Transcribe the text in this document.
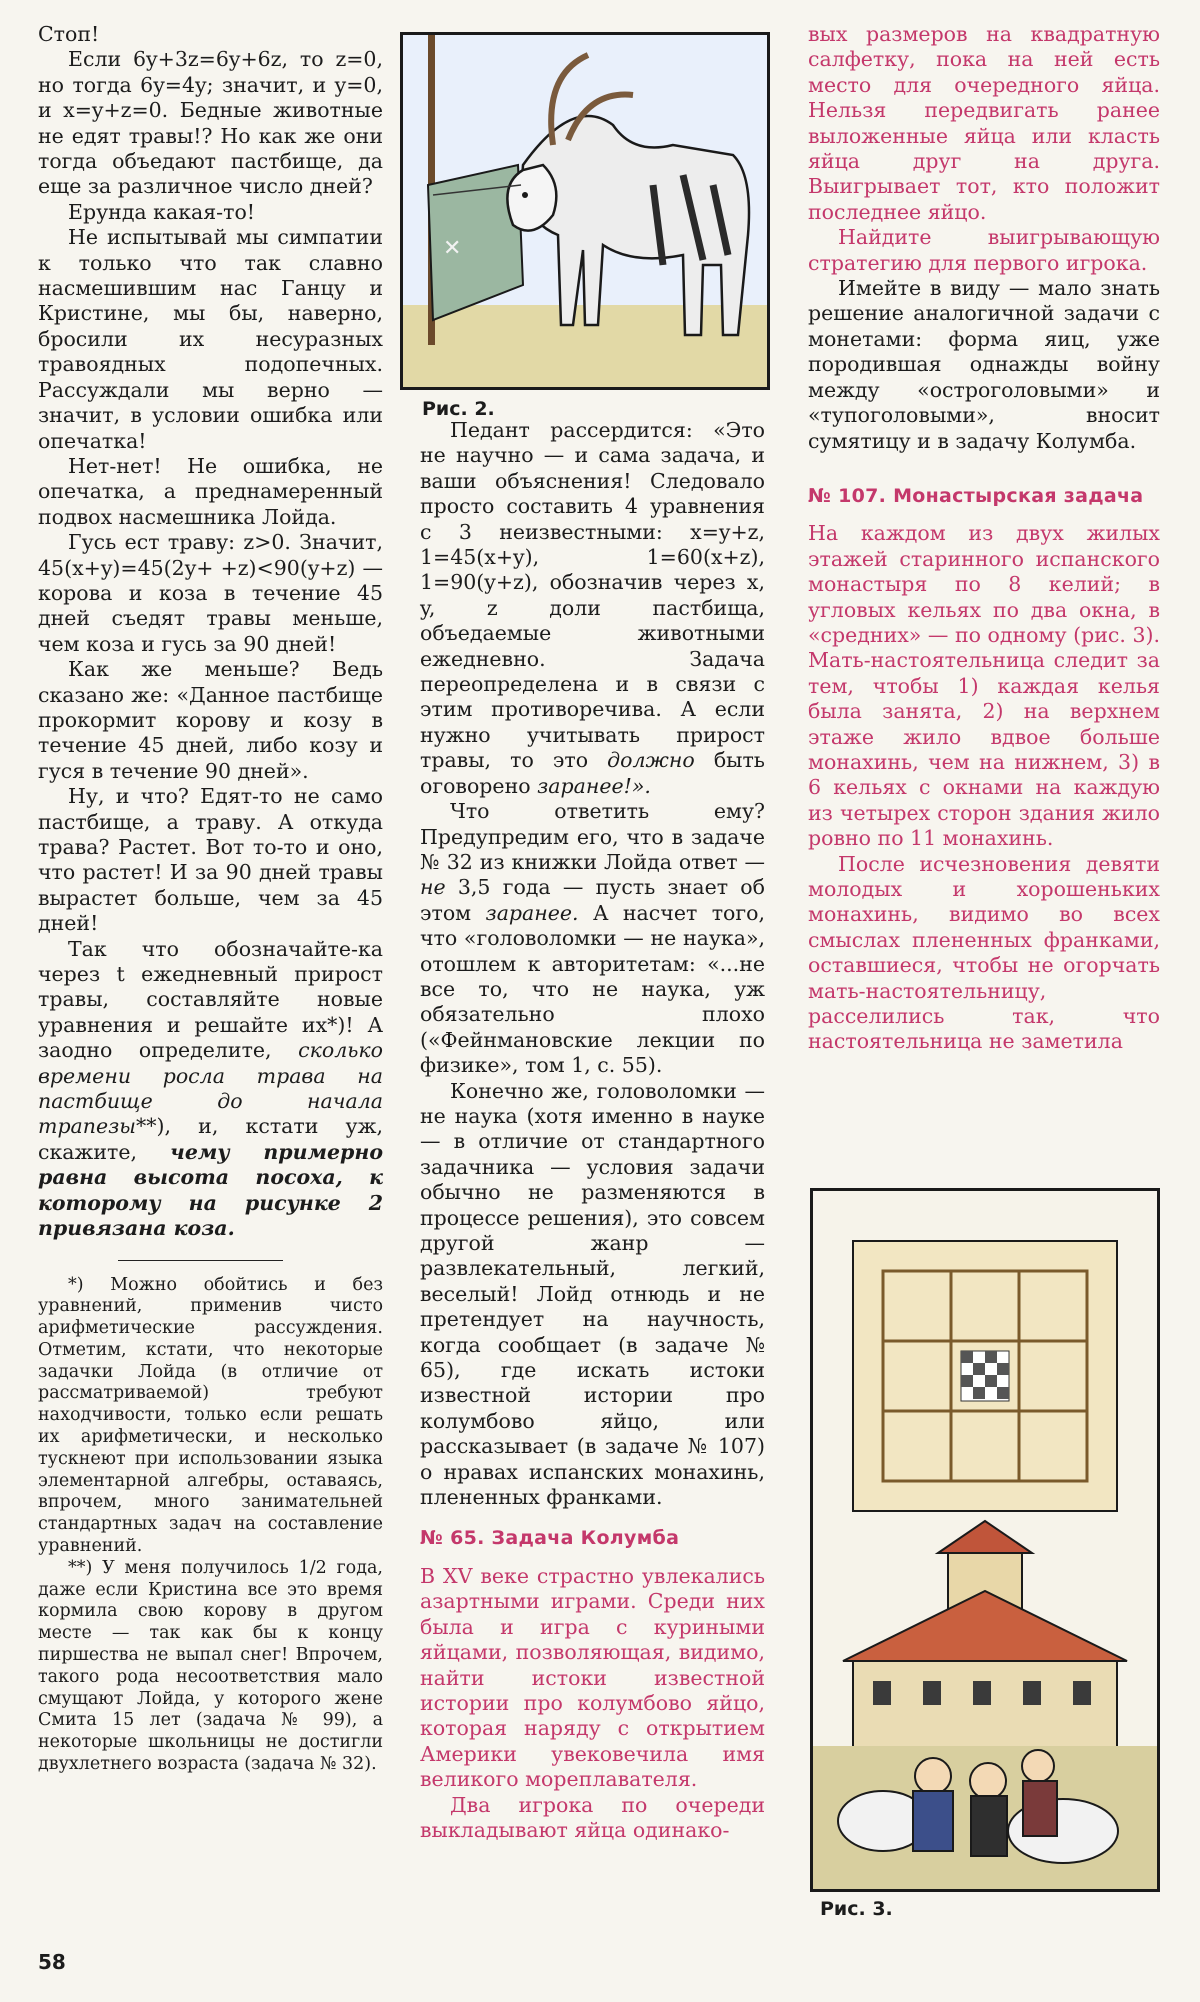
Стоп!

Если 6y+3z=6y+6z, то z=0, но тогда 6y=4y; значит, и y=0, и x=y+z=0. Бедные животные не едят травы!? Но как же они тогда объедают пастбище, да еще за различное число дней?

Ерунда какая-то!

Не испытывай мы симпатии к только что так славно насмешившим нас Ганцу и Кристине, мы бы, наверно, бросили их несуразных травоядных подопечных. Рассуждали мы верно — значит, в условии ошибка или опечатка!

Нет-нет! Не ошибка, не опечатка, а преднамеренный подвох насмешника Лойда.

Гусь ест траву: z>0. Значит, 45(x+y)=45(2y+ +z)<90(y+z) — корова и коза в течение 45 дней съедят травы меньше, чем коза и гусь за 90 дней!

Как же меньше? Ведь сказано же: «Данное пастбище прокормит корову и козу в течение 45 дней, либо козу и гуся в течение 90 дней».

Ну, и что? Едят-то не само пастбище, а траву. А откуда трава? Растет. Вот то-то и оно, что растет! И за 90 дней травы вырастет больше, чем за 45 дней!

Так что обозначайте-ка через t ежедневный прирост травы, составляйте новые уравнения и решайте их*)! А заодно определите, сколько времени росла трава на пастбище до начала трапезы**), и, кстати уж, скажите, чему примерно равна высота посоха, к которому на рисунке 2 привязана коза.

*) Можно обойтись и без уравнений, применив чисто арифметические рассуждения. Отметим, кстати, что некоторые задачки Лойда (в отличие от рассматриваемой) требуют находчивости, только если решать их арифметически, и несколько тускнеют при использовании языка элементарной алгебры, оставаясь, впрочем, много занимательней стандартных задач на составление уравнений.

**) У меня получилось 1/2 года, даже если Кристина все это время кормила свою корову в другом месте — так как бы к концу пиршества не выпал снег! Впрочем, такого рода несоответствия мало смущают Лойда, у которого жене Смита 15 лет (задача № 99), а некоторые школьницы не достигли двухлетнего возраста (задача № 32).

✕
Рис. 2.

Педант рассердится: «Это не научно — и сама задача, и ваши объяснения! Следовало просто составить 4 уравнения с 3 неизвестными: x=y+z, 1=45(x+y), 1=60(x+z), 1=90(y+z), обозначив через x, y, z доли пастбища, объедаемые животными ежедневно. Задача переопределена и в связи с этим противоречива. А если нужно учитывать прирост травы, то это должно быть оговорено заранее!».

Что ответить ему? Предупредим его, что в задаче № 32 из книжки Лойда ответ — не 3,5 года — пусть знает об этом заранее. А насчет того, что «головоломки — не наука», отошлем к авторитетам: «...не все то, что не наука, уж обязательно плохо («Фейнмановские лекции по физике», том 1, с. 55).

Конечно же, головоломки — не наука (хотя именно в науке — в отличие от стандартного задачника — условия задачи обычно не разменяются в процессе решения), это совсем другой жанр — развлекательный, легкий, веселый! Лойд отнюдь и не претендует на научность, когда сообщает (в задаче № 65), где искать истоки известной истории про колумбово яйцо, или рассказывает (в задаче № 107) о нравах испанских монахинь, плененных франками.

№ 65. Задача Колумба

В XV веке страстно увлекались азартными играми. Среди них была и игра с куриными яйцами, позволяющая, видимо, найти истоки известной истории про колумбово яйцо, которая наряду с открытием Америки увековечила имя великого мореплавателя.

Два игрока по очереди выкладывают яйца одинако-

вых размеров на квадратную салфетку, пока на ней есть место для очередного яйца. Нельзя передвигать ранее выложенные яйца или класть яйца друг на друга. Выигрывает тот, кто положит последнее яйцо.

Найдите выигрывающую стратегию для первого игрока.

Имейте в виду — мало знать решение аналогичной задачи с монетами: форма яиц, уже породившая однажды войну между «остроголовыми» и «тупоголовыми», вносит сумятицу и в задачу Колумба.

№ 107. Монастырская задача

На каждом из двух жилых этажей старинного испанского монастыря по 8 келий; в угловых кельях по два окна, в «средних» — по одному (рис. 3). Мать-настоятельница следит за тем, чтобы 1) каждая келья была занята, 2) на верхнем этаже жило вдвое больше монахинь, чем на нижнем, 3) в 6 кельях с окнами на каждую из четырех сторон здания жило ровно по 11 монахинь.

После исчезновения девяти молодых и хорошеньких монахинь, видимо во всех смыслах плененных франками, оставшиеся, чтобы не огорчать мать-настоятельницу, расселились так, что настоятельница не заметила

Рис. 3.
58
